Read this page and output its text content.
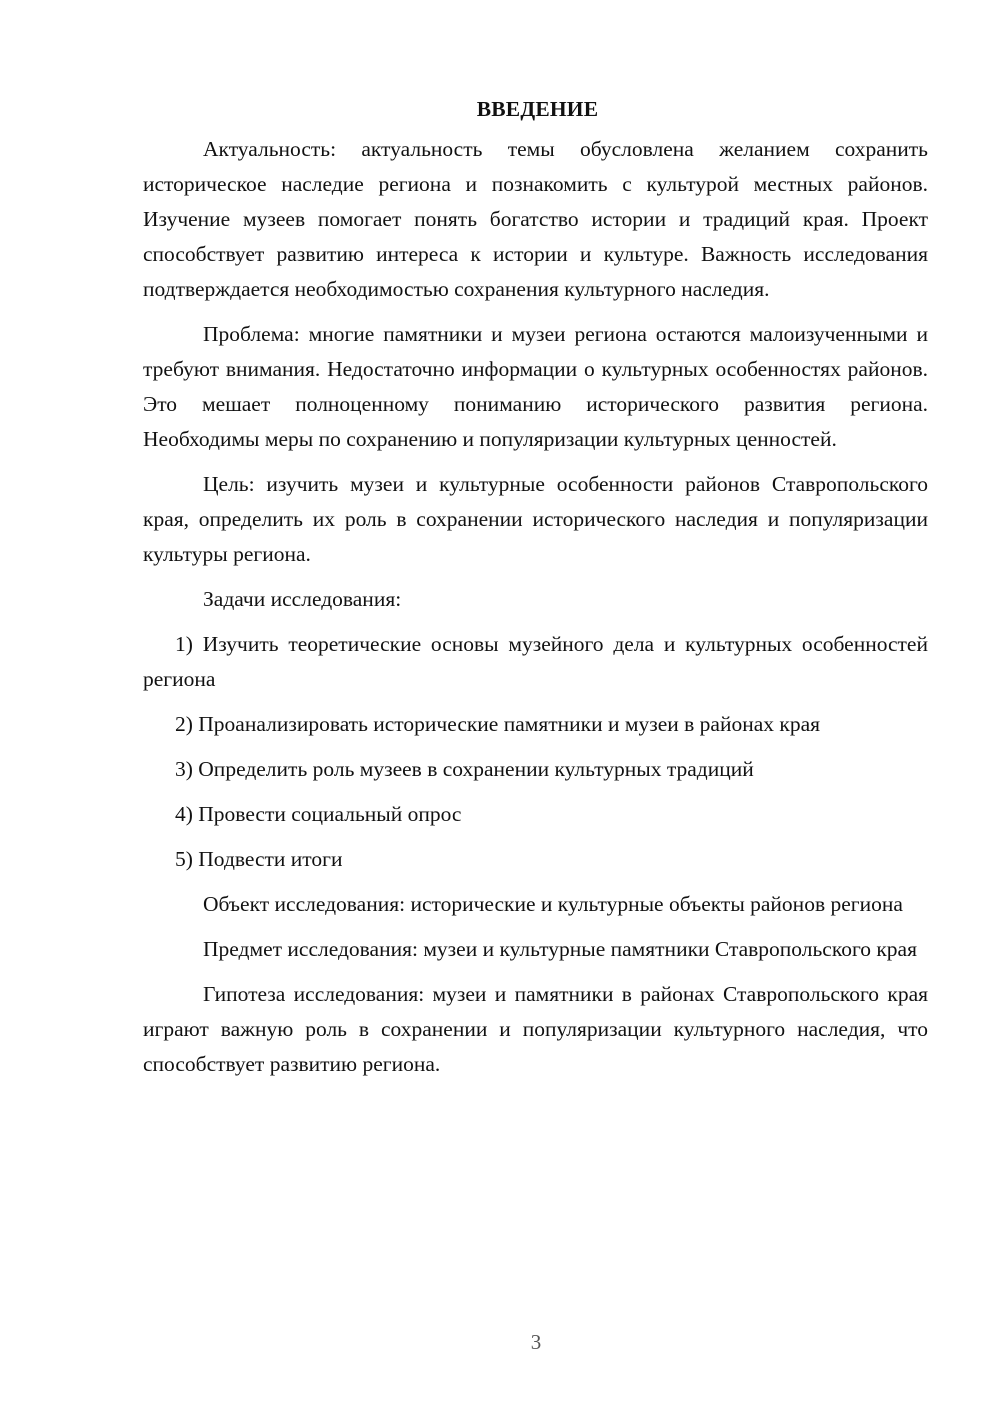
ВВЕДЕНИЕ

Актуальность: актуальность темы обусловлена желанием сохранить историческое наследие региона и познакомить с культурой местных районов. Изучение музеев помогает понять богатство истории и традиций края. Проект способствует развитию интереса к истории и культуре. Важность исследования подтверждается необходимостью сохранения культурного наследия.

Проблема: многие памятники и музеи региона остаются малоизученными и требуют внимания. Недостаточно информации о культурных особенностях районов. Это мешает полноценному пониманию исторического развития региона. Необходимы меры по сохранению и популяризации культурных ценностей.

Цель: изучить музеи и культурные особенности районов Ставропольского края, определить их роль в сохранении исторического наследия и популяризации культуры региона.

Задачи исследования:

1) Изучить теоретические основы музейного дела и культурных особенностей региона

2) Проанализировать исторические памятники и музеи в районах края

3) Определить роль музеев в сохранении культурных традиций

4) Провести социальный опрос

5) Подвести итоги

Объект исследования: исторические и культурные объекты районов региона

Предмет исследования: музеи и культурные памятники Ставропольского края

Гипотеза исследования: музеи и памятники в районах Ставропольского края играют важную роль в сохранении и популяризации культурного наследия, что способствует развитию региона.

3
